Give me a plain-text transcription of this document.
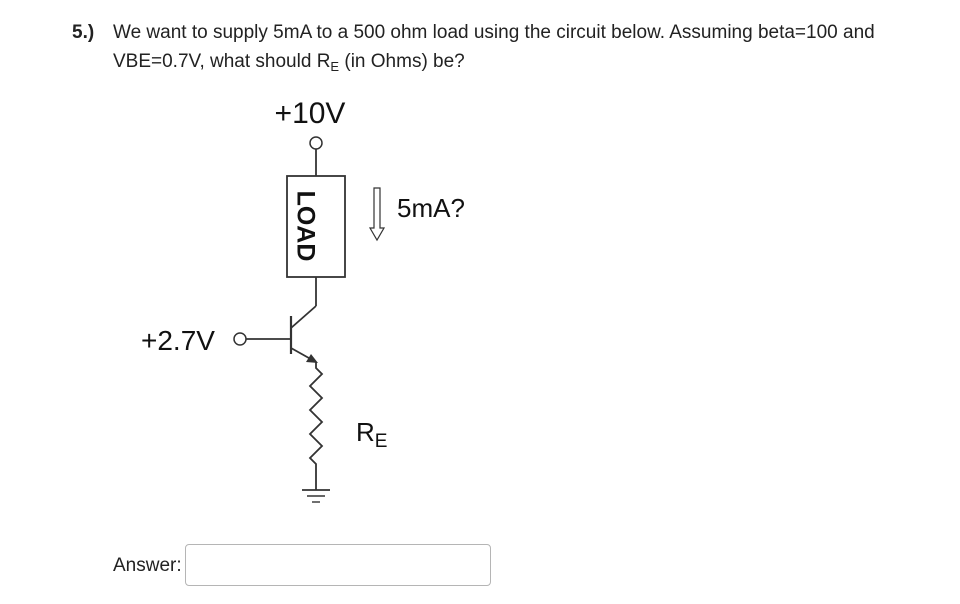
5.) We want to supply 5mA to a 500 ohm load using the circuit below. Assuming beta=100 and
VBE=0.7V, what should $R_E$ (in Ohms) be?
+10V
LOAD	5mA?
+2.7V
$R_E$
Answer:
